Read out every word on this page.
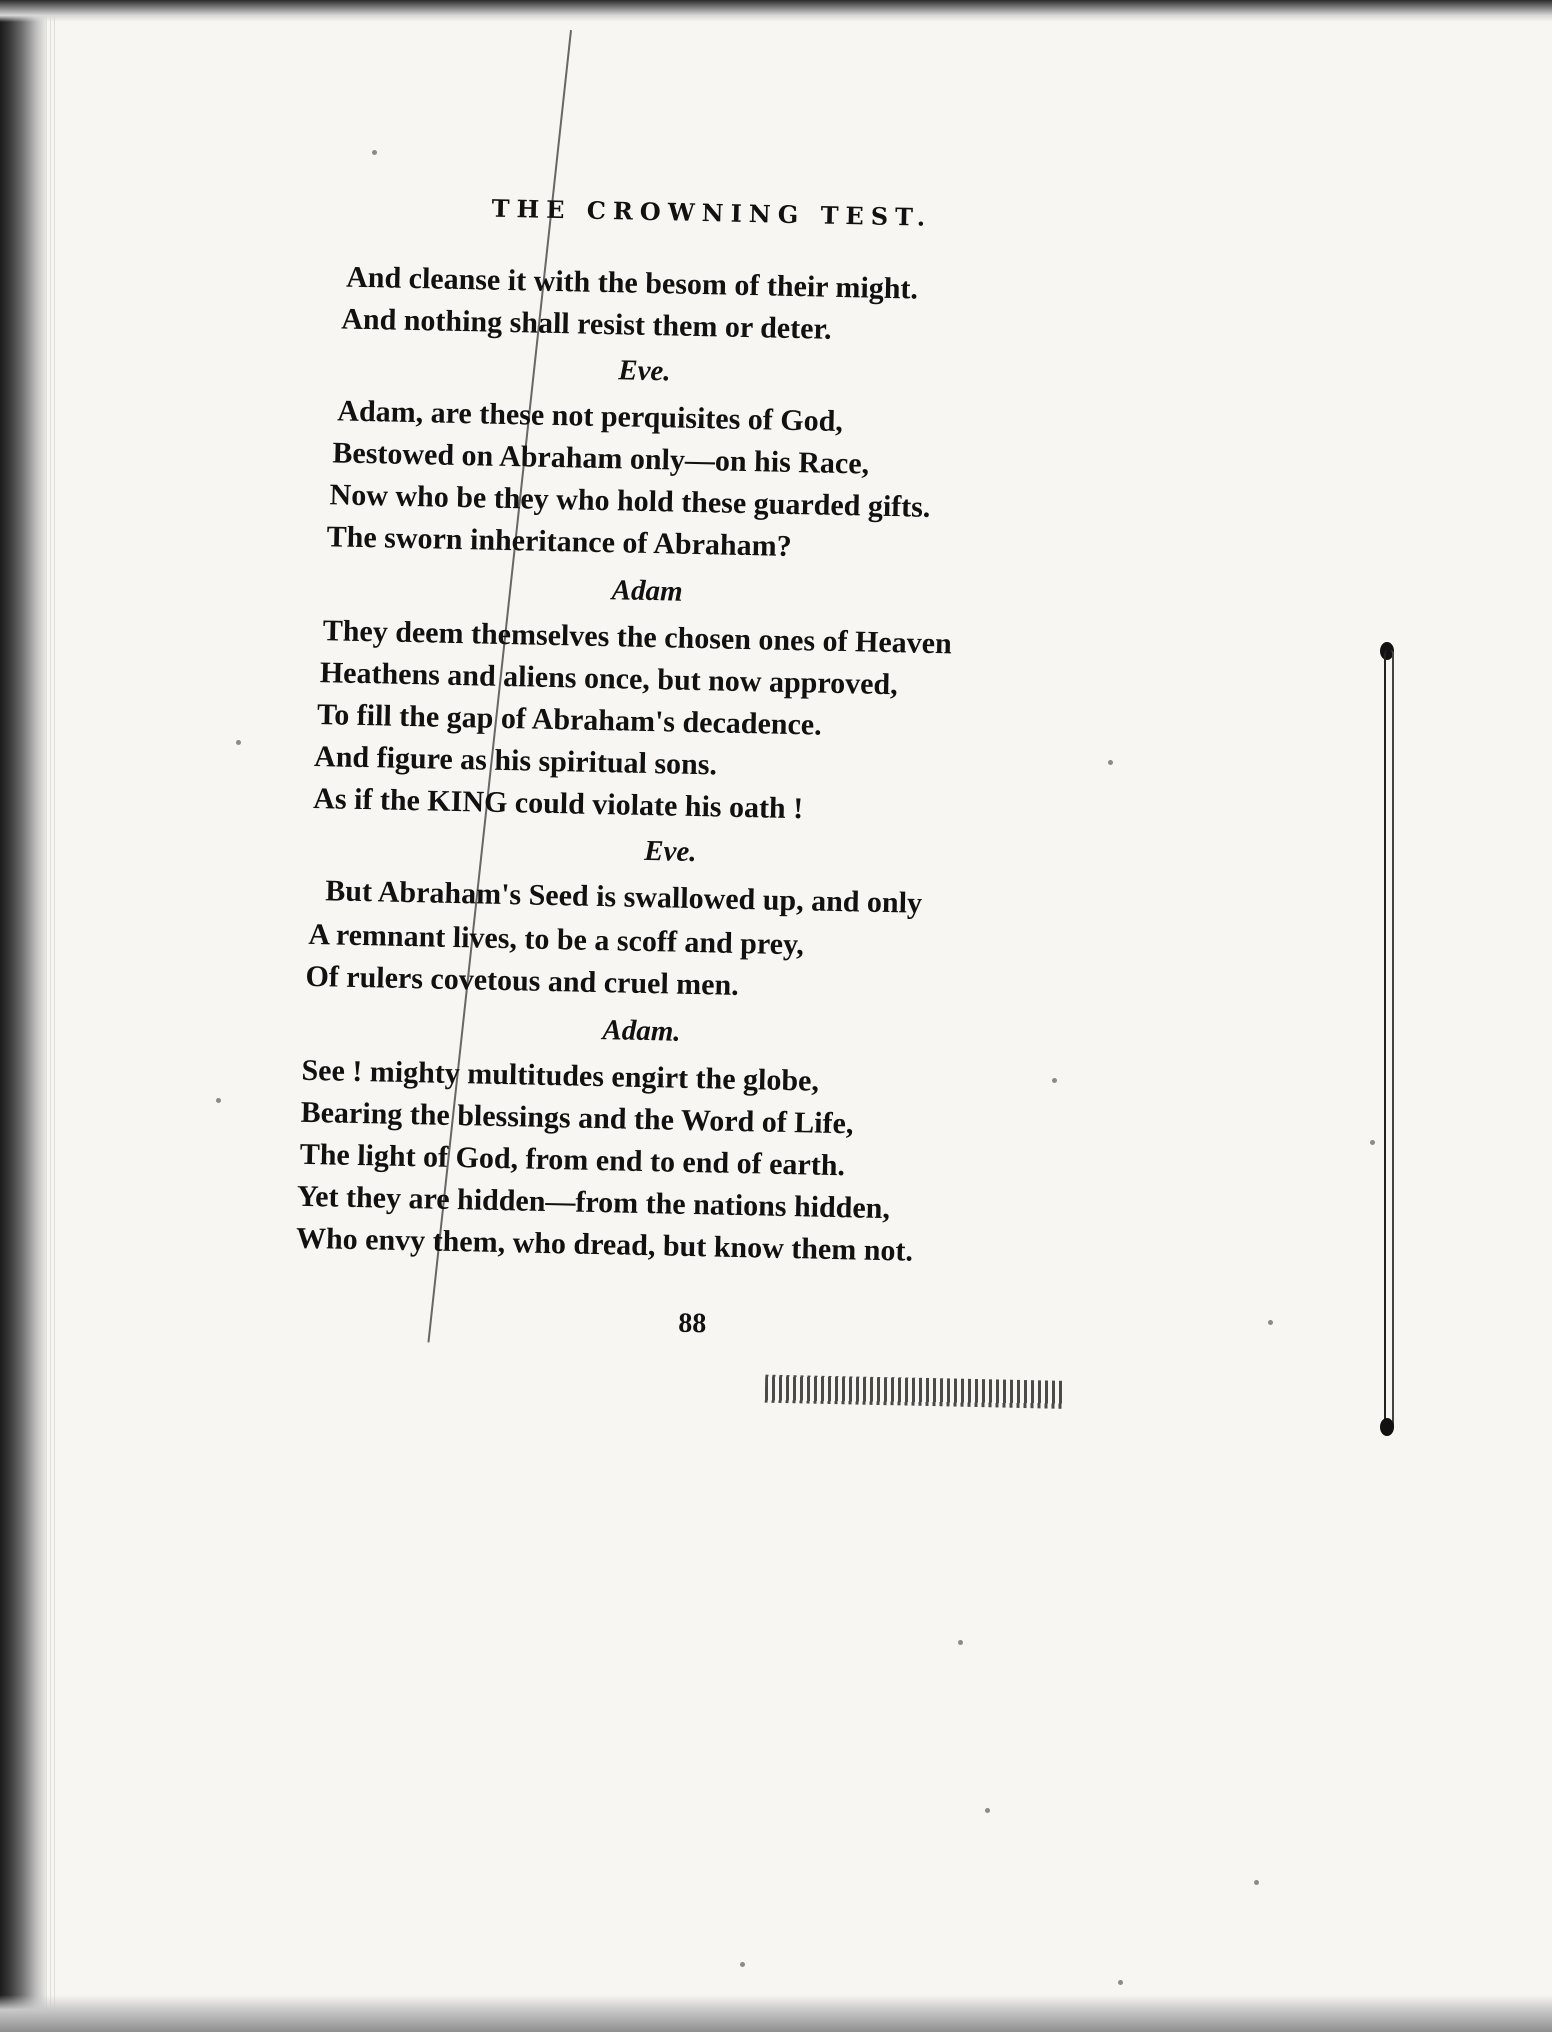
THE CROWNING TEST.
And cleanse it with the besom of their might.
And nothing shall resist them or deter.
Eve.
Adam, are these not perquisites of God,
Bestowed on Abraham only—on his Race,
Now who be they who hold these guarded gifts.
The sworn inheritance of Abraham?
Adam
They deem themselves the chosen ones of Heaven
Heathens and aliens once, but now approved,
To fill the gap of Abraham's decadence.
And figure as his spiritual sons.
As if the KING could violate his oath !
Eve.
But Abraham's Seed is swallowed up, and only
A remnant lives, to be a scoff and prey,
Of rulers covetous and cruel men.
Adam.
See ! mighty multitudes engirt the globe,
Bearing the blessings and the Word of Life,
The light of God, from end to end of earth.
Yet they are hidden—from the nations hidden,
Who envy them, who dread, but know them not.
88
